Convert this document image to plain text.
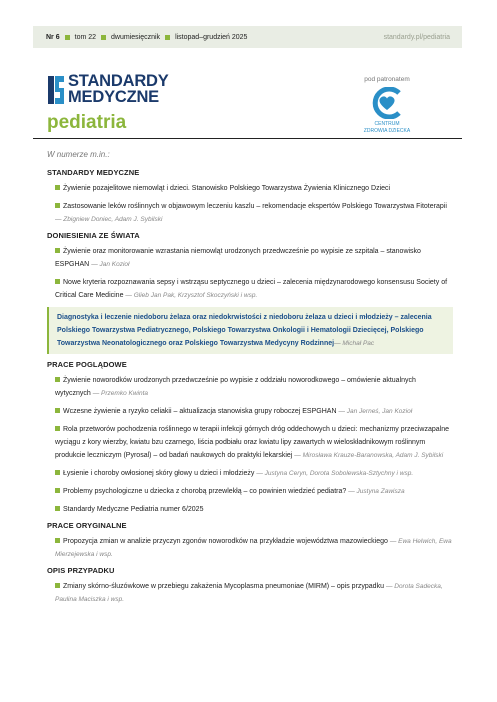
Nr 6 tom 22 dwumiesięcznik listopad–grudzień 2025	standardy.pl/pediatria
STANDARDY
MEDYCZNE
pediatria
pod patronatem
CENTRUM
ZDROWIA DZIECKA
W numerze m.in.:
STANDARDY MEDYCZNE
Żywienie pozajelitowe niemowląt i dzieci. Stanowisko Polskiego Towarzystwa Żywienia Klinicznego Dzieci
Zastosowanie leków roślinnych w objawowym leczeniu kaszlu – rekomendacje ekspertów Polskiego Towarzystwa Fitoterapii — Zbigniew Doniec, Adam J. Sybilski
DONIESIENIA ZE ŚWIATA
Żywienie oraz monitorowanie wzrastania niemowląt urodzonych przedwcześnie po wypisie ze szpitala – stanowisko ESPGHAN — Jan Kozioł
Nowe kryteria rozpoznawania sepsy i wstrząsu septycznego u dzieci – zalecenia międzynarodowego konsensusu Society of Critical Care Medicine — Glieb Jan Pak, Krzysztof Skoczyński i wsp.
Diagnostyka i leczenie niedoboru żelaza oraz niedokrwistości z niedoboru żelaza u dzieci i młodzieży – zalecenia Polskiego Towarzystwa Pediatrycznego, Polskiego Towarzystwa Onkologii i Hematologii Dziecięcej, Polskiego Towarzystwa Neonatologicznego oraz Polskiego Towarzystwa Medycyny Rodzinnej— Michał Pac
PRACE POGLĄDOWE
Żywienie noworodków urodzonych przedwcześnie po wypisie z oddziału noworodkowego – omówienie aktualnych wytycznych — Przemko Kwinta
Wczesne żywienie a ryzyko celiakii – aktualizacja stanowiska grupy roboczej ESPGHAN — Jan Jerneś, Jan Kozioł
Rola przetworów pochodzenia roślinnego w terapii infekcji górnych dróg oddechowych u dzieci: mechanizmy przeciwzapalne wyciągu z kory wierzby, kwiatu bzu czarnego, liścia podbiału oraz kwiatu lipy zawartych w wieloskładnikowym roślinnym produkcie leczniczym (Pyrosal) – od badań naukowych do praktyki lekarskiej — Mirosława Krauze-Baranowska, Adam J. Sybilski
Łysienie i choroby owłosionej skóry głowy u dzieci i młodzieży — Justyna Ceryn, Dorota Sobolewska-Sztychny i wsp.
Problemy psychologiczne u dziecka z chorobą przewlekłą – co powinien wiedzieć pediatra? — Justyna Zawisza
Standardy Medyczne Pediatria numer 6/2025
PRACE ORYGINALNE
Propozycja zmian w analizie przyczyn zgonów noworodków na przykładzie województwa mazowieckiego — Ewa Helwich, Ewa Mierzejewska i wsp.
OPIS PRZYPADKU
Zmiany skórno-śluzówkowe w przebiegu zakażenia Mycoplasma pneumoniae (MIRM) – opis przypadku — Dorota Sadecka, Paulina Maciszka i wsp.
